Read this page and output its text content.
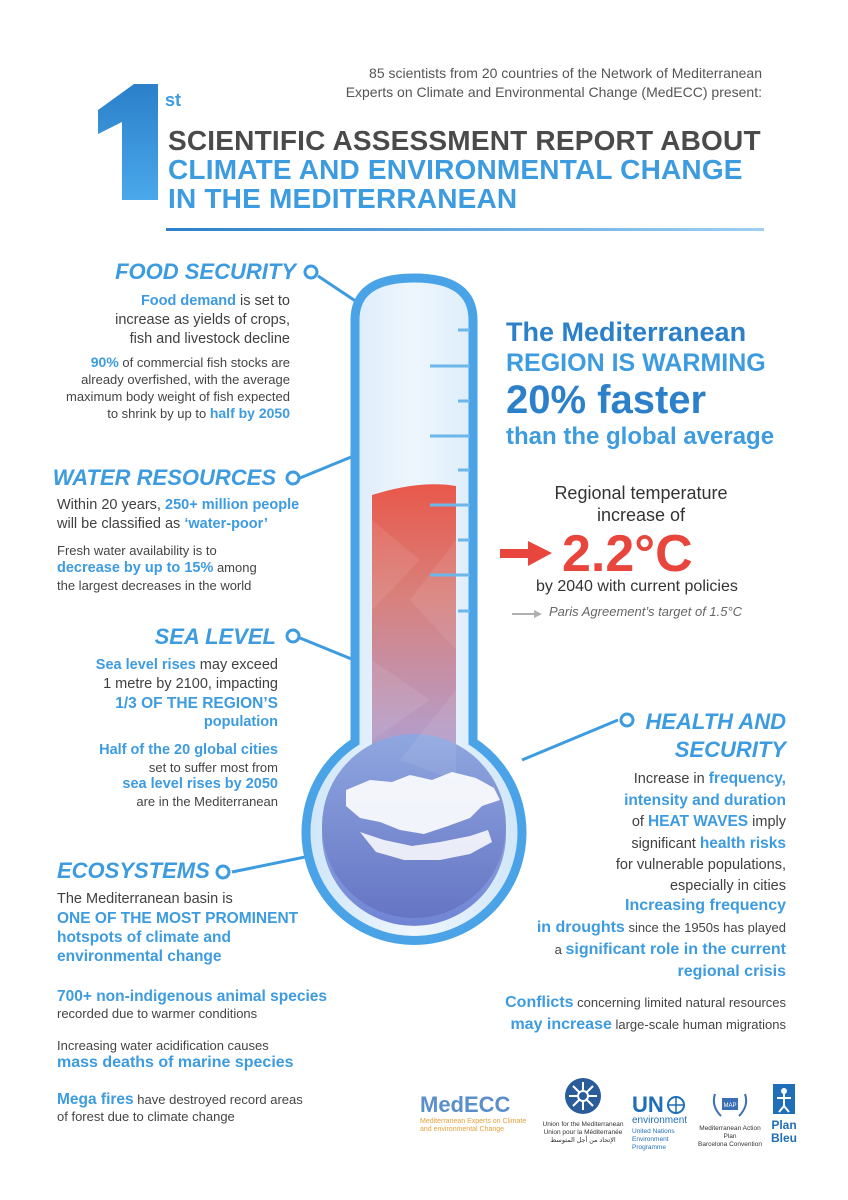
85 scientists from 20 countries of the Network of Mediterranean
Experts on Climate and Environmental Change (MedECC) present:
st
SCIENTIFIC ASSESSMENT REPORT ABOUT
CLIMATE AND ENVIRONMENTAL CHANGE
IN THE MEDITERRANEAN
FOOD SECURITY
Food demand is set to
increase as yields of crops,
fish and livestock decline
90% of commercial fish stocks are
already overfished, with the average
maximum body weight of fish expected
to shrink by up to half by 2050
WATER RESOURCES
Within 20 years, 250+ million people
will be classified as ‘water-poor’
Fresh water availability is to
decrease by up to 15% among
the largest decreases in the world
SEA LEVEL
Sea level rises may exceed
1 metre by 2100, impacting
1/3 OF THE REGION’S
population
Half of the 20 global cities
set to suffer most from
sea level rises by 2050
are in the Mediterranean
ECOSYSTEMS
The Mediterranean basin is
ONE OF THE MOST PROMINENT
hotspots of climate and
environmental change
700+ non-indigenous animal species
recorded due to warmer conditions
Increasing water acidification causes
mass deaths of marine species
Mega fires have destroyed record areas
of forest due to climate change
The Mediterranean
REGION IS WARMING
20% faster
than the global average
Regional temperature
increase of
2.2°C
by 2040 with current policies
Paris Agreement’s target of 1.5°C
HEALTH AND
SECURITY
Increase in frequency,
intensity and duration
of HEAT WAVES imply
significant health risks
for vulnerable populations,
especially in cities
Increasing frequency
in droughts since the 1950s has played
a significant role in the current
regional crisis
Conflicts concerning limited natural resources
may increase large-scale human migrations
MedECC
Mediterranean Experts on Climate
and environmental Change
Union for the Mediterranean
Union pour la Méditerranée
الإتحاد من أجل المتوسط
UN
environment
United Nations
Environment Programme
MAP
Mediterranean Action Plan
Barcelona Convention
Plan
Bleu
